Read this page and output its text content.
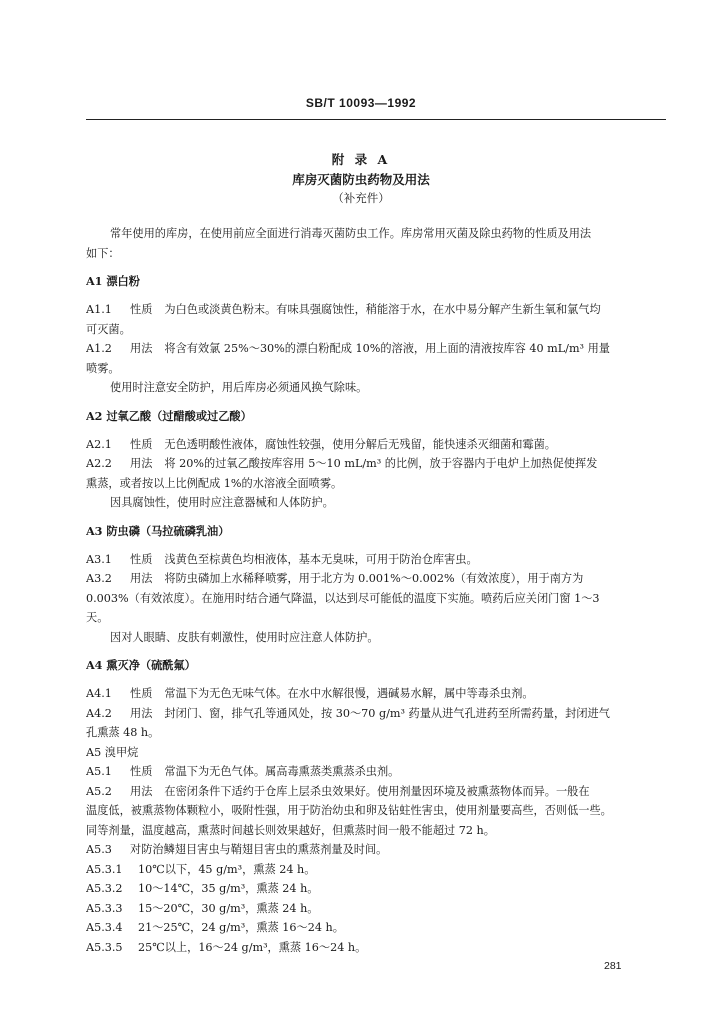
SB/T 10093—1992
附 录 A
库房灭菌防虫药物及用法
（补充件）
常年使用的库房，在使用前应全面进行消毒灭菌防虫工作。库房常用灭菌及除虫药物的性质及用法
如下：
A1 漂白粉
A1.1 性质 为白色或淡黄色粉末。有味具强腐蚀性，稍能溶于水，在水中易分解产生新生氧和氯气均
可灭菌。
A1.2 用法 将含有效氯 25%～30%的漂白粉配成 10%的溶液，用上面的清液按库容 40 mL/m³ 用量
喷雾。
使用时注意安全防护，用后库房必须通风换气除味。
A2 过氧乙酸（过醋酸或过乙酸）
A2.1 性质 无色透明酸性液体，腐蚀性较强，使用分解后无残留，能快速杀灭细菌和霉菌。
A2.2 用法 将 20%的过氧乙酸按库容用 5～10 mL/m³ 的比例，放于容器内于电炉上加热促使挥发
熏蒸，或者按以上比例配成 1%的水溶液全面喷雾。
因具腐蚀性，使用时应注意器械和人体防护。
A3 防虫磷（马拉硫磷乳油）
A3.1 性质 浅黄色至棕黄色均相液体，基本无臭味，可用于防治仓库害虫。
A3.2 用法 将防虫磷加上水稀释喷雾，用于北方为 0.001%～0.002%（有效浓度），用于南方为
0.003%（有效浓度）。在施用时结合通气降温，以达到尽可能低的温度下实施。喷药后应关闭门窗 1～3
天。
因对人眼睛、皮肤有刺激性，使用时应注意人体防护。
A4 熏灭净（硫酰氟）
A4.1 性质 常温下为无色无味气体。在水中水解很慢，遇碱易水解，属中等毒杀虫剂。
A4.2 用法 封闭门、窗，排气孔等通风处，按 30～70 g/m³ 药量从进气孔进药至所需药量，封闭进气
孔熏蒸 48 h。
A5 溴甲烷
A5.1 性质 常温下为无色气体。属高毒熏蒸类熏蒸杀虫剂。
A5.2 用法 在密闭条件下适约于仓库上层杀虫效果好。使用剂量因环境及被熏蒸物体而异。一般在
温度低，被熏蒸物体颗粒小，吸附性强，用于防治幼虫和卵及钻蛀性害虫，使用剂量要高些，否则低一些。
同等剂量，温度越高，熏蒸时间越长则效果越好，但熏蒸时间一般不能超过 72 h。
A5.3 对防治鳞翅目害虫与鞘翅目害虫的熏蒸剂量及时间。
A5.3.1 10℃以下，45 g/m³，熏蒸 24 h。
A5.3.2 10～14℃，35 g/m³，熏蒸 24 h。
A5.3.3 15～20℃，30 g/m³，熏蒸 24 h。
A5.3.4 21～25℃，24 g/m³，熏蒸 16～24 h。
A5.3.5 25℃以上，16～24 g/m³，熏蒸 16～24 h。
281
